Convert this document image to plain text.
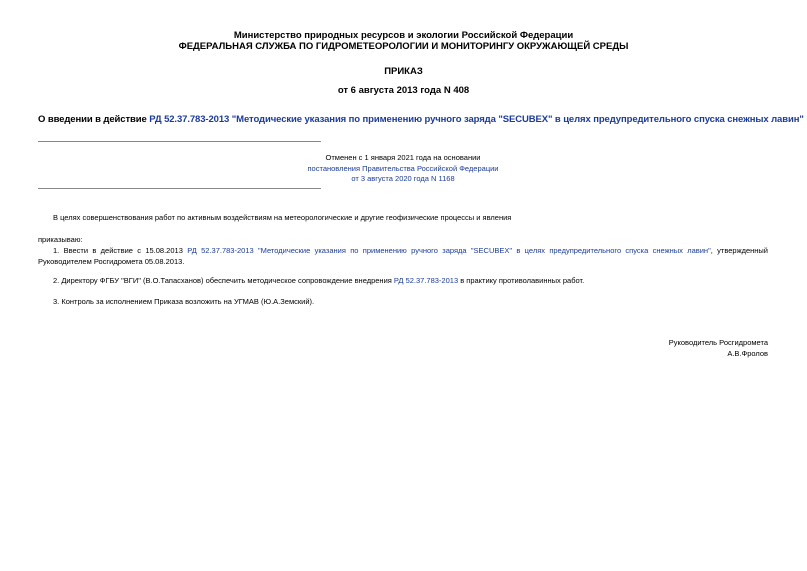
Министерство природных ресурсов и экологии Российской Федерации
ФЕДЕРАЛЬНАЯ СЛУЖБА ПО ГИДРОМЕТЕОРОЛОГИИ И МОНИТОРИНГУ ОКРУЖАЮЩЕЙ СРЕДЫ
ПРИКАЗ
от 6 августа 2013 года N 408
О введении в действие РД 52.37.783-2013 "Методические указания по применению ручного заряда "SECUBEX" в целях предупредительного спуска снежных лавин"
Отменен с 1 января 2021 года на основании
постановления Правительства Российской Федерации
от 3 августа 2020 года N 1168
В целях совершенствования работ по активным воздействиям на метеорологические и другие геофизические процессы и явления
приказываю:
1. Ввести в действие с 15.08.2013 РД 52.37.783-2013 "Методические указания по применению ручного заряда "SECUBEX" в целях предупредительного спуска снежных лавин", утвержденный Руководителем Росгидромета 05.08.2013.
2. Директору ФГБУ "ВГИ" (В.О.Тапасханов) обеспечить методическое сопровождение внедрения РД 52.37.783-2013 в практику противолавинных работ.
3. Контроль за исполнением Приказа возложить на УГМАВ (Ю.А.Земский).
Руководитель Росгидромета
А.В.Фролов
